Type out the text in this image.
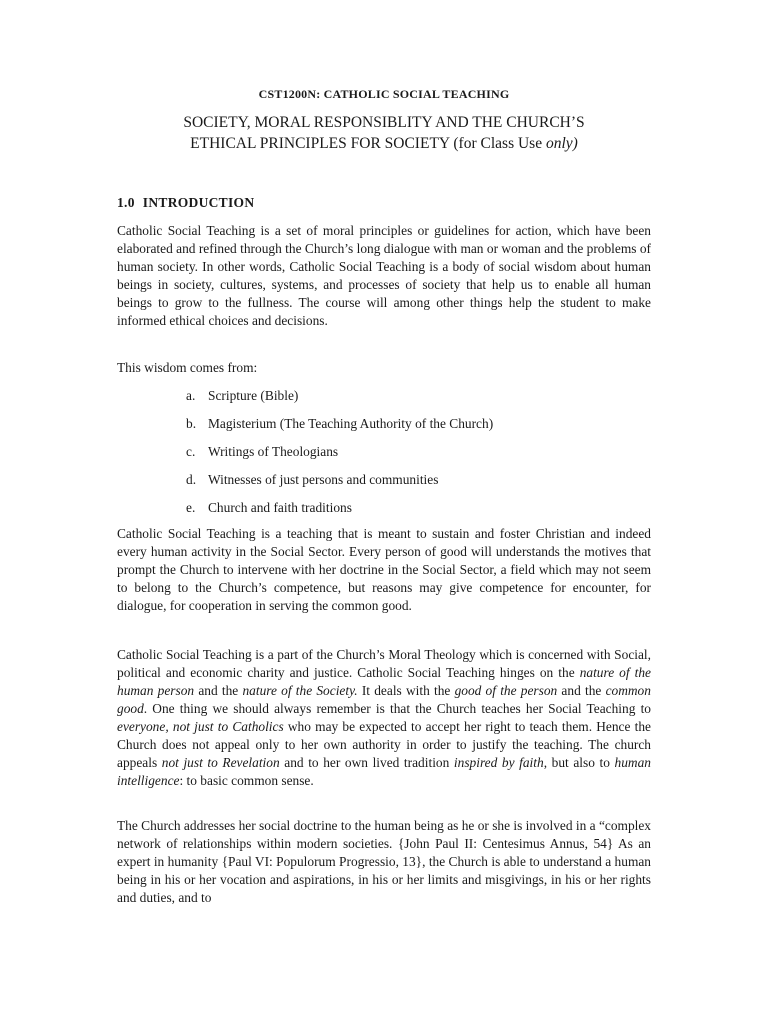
CST1200N: CATHOLIC SOCIAL TEACHING
SOCIETY, MORAL RESPONSIBLITY AND THE CHURCH’S
ETHICAL PRINCIPLES FOR SOCIETY (for Class Use only)
1.0 INTRODUCTION

Catholic Social Teaching is a set of moral principles or guidelines for action, which have been elaborated and refined through the Church’s long dialogue with man or woman and the problems of human society. In other words, Catholic Social Teaching is a body of social wisdom about human beings in society, cultures, systems, and processes of society that help us to enable all human beings to grow to the fullness. The course will among other things help the student to make informed ethical choices and decisions.

This wisdom comes from:

a. Scripture (Bible)
b. Magisterium (The Teaching Authority of the Church)
c. Writings of Theologians
d. Witnesses of just persons and communities
e. Church and faith traditions

Catholic Social Teaching is a teaching that is meant to sustain and foster Christian and indeed every human activity in the Social Sector. Every person of good will understands the motives that prompt the Church to intervene with her doctrine in the Social Sector, a field which may not seem to belong to the Church’s competence, but reasons may give competence for encounter, for dialogue, for cooperation in serving the common good.

Catholic Social Teaching is a part of the Church’s Moral Theology which is concerned with Social, political and economic charity and justice. Catholic Social Teaching hinges on the nature of the human person and the nature of the Society. It deals with the good of the person and the common good. One thing we should always remember is that the Church teaches her Social Teaching to everyone, not just to Catholics who may be expected to accept her right to teach them. Hence the Church does not appeal only to her own authority in order to justify the teaching. The church appeals not just to Revelation and to her own lived tradition inspired by faith, but also to human intelligence: to basic common sense.

The Church addresses her social doctrine to the human being as he or she is involved in a “complex network of relationships within modern societies. {John Paul II: Centesimus Annus, 54} As an expert in humanity {Paul VI: Populorum Progressio, 13}, the Church is able to understand a human being in his or her vocation and aspirations, in his or her limits and misgivings, in his or her rights and duties, and to
